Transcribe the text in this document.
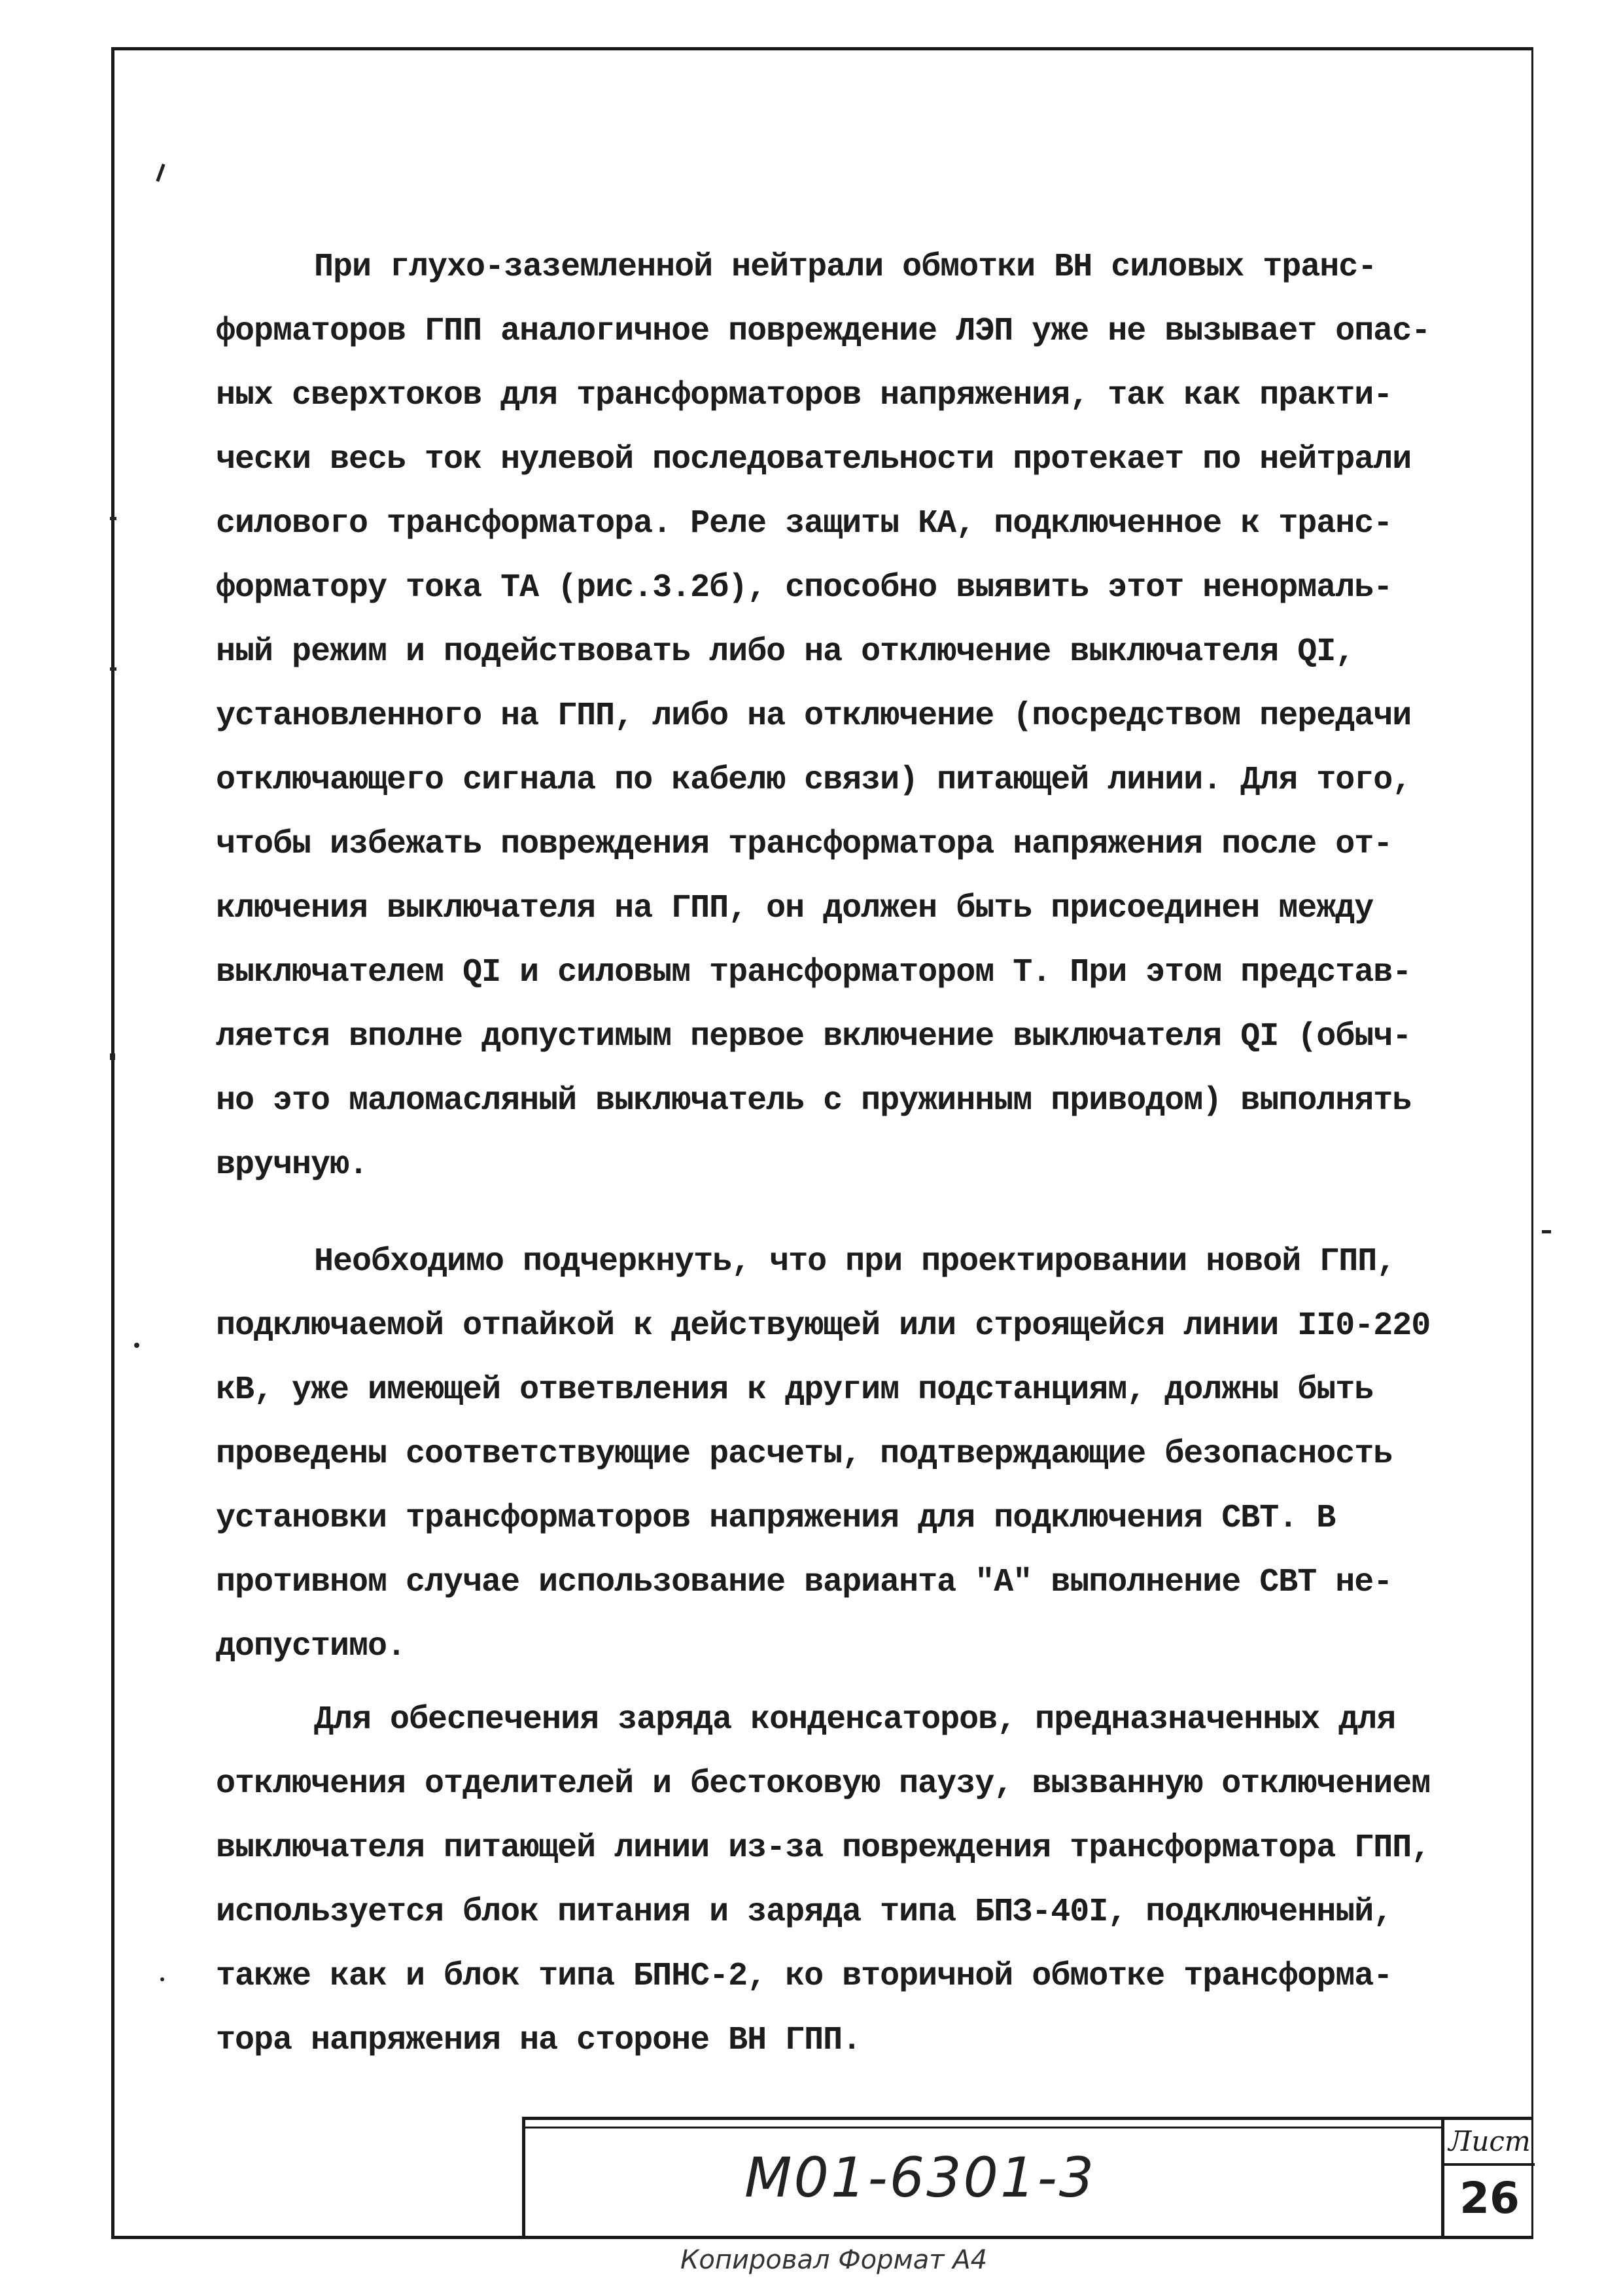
При глухо-заземленной нейтрали обмотки ВН силовых транс-
форматоров ГПП аналогичное повреждение ЛЭП уже не вызывает опас-
ных сверхтоков для трансформаторов напряжения, так как практи-
чески весь ток нулевой последовательности протекает по нейтрали
силового трансформатора. Реле защиты КА, подключенное к транс-
форматору тока ТА (рис.3.2б), способно выявить этот ненормаль-
ный режим и подействовать либо на отключение выключателя QI,
установленного на ГПП, либо на отключение (посредством передачи
отключающего сигнала по кабелю связи) питающей линии. Для того,
чтобы избежать повреждения трансформатора напряжения после от-
ключения выключателя на ГПП, он должен быть присоединен между
выключателем QI и силовым трансформатором Т. При этом представ-
ляется вполне допустимым первое включение выключателя QI (обыч-
но это маломасляный выключатель с пружинным приводом) выполнять
вручную.
Необходимо подчеркнуть, что при проектировании новой ГПП,
подключаемой отпайкой к действующей или строящейся линии II0-220
кВ, уже имеющей ответвления к другим подстанциям, должны быть
проведены соответствующие расчеты, подтверждающие безопасность
установки трансформаторов напряжения для подключения СВТ. В
противном случае использование варианта "А" выполнение СВТ не-
допустимо.
Для обеспечения заряда конденсаторов, предназначенных для
отключения отделителей и бестоковую паузу, вызванную отключением
выключателя питающей линии из-за повреждения трансформатора ГПП,
используется блок питания и заряда типа БПЗ-40I, подключенный,
также как и блок типа БПНС-2, ко вторичной обмотке трансформа-
тора напряжения на стороне ВН ГПП.
М01-6301-3
Лист
26
Копировал Формат А4
